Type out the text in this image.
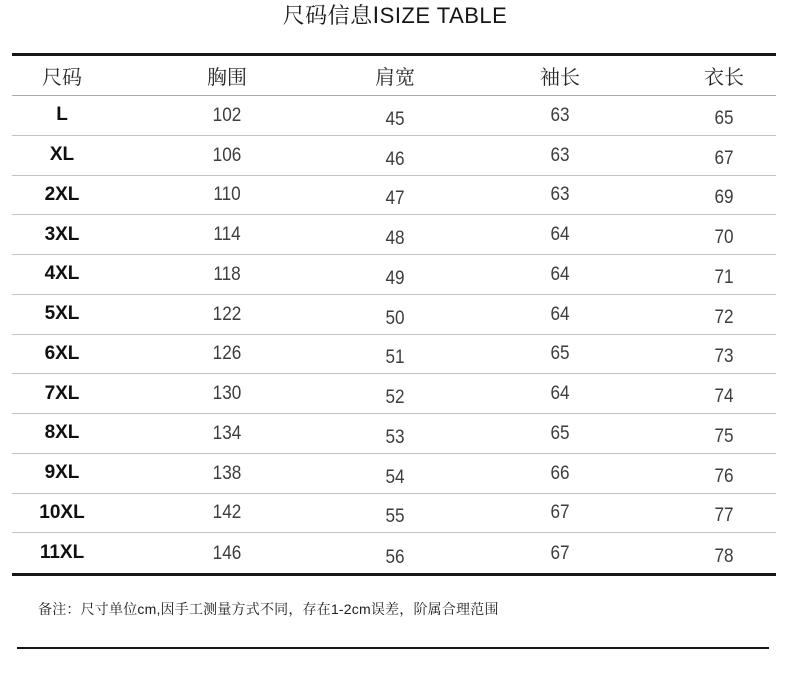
尺码信息ⅠSIZE TABLE
尺码	胸围	肩宽	袖长	衣长
L	102	45	63	65
XL	106	46	63	67
2XL	110	47	63	69
3XL	114	48	64	70
4XL	118	49	64	71
5XL	122	50	64	72
6XL	126	51	65	73
7XL	130	52	64	74
8XL	134	53	65	75
9XL	138	54	66	76
10XL	142	55	67	77
11XL	146	56	67	78
备注：尺寸单位cm,因手工测量方式不同，存在1-2cm误差，阶属合理范围
